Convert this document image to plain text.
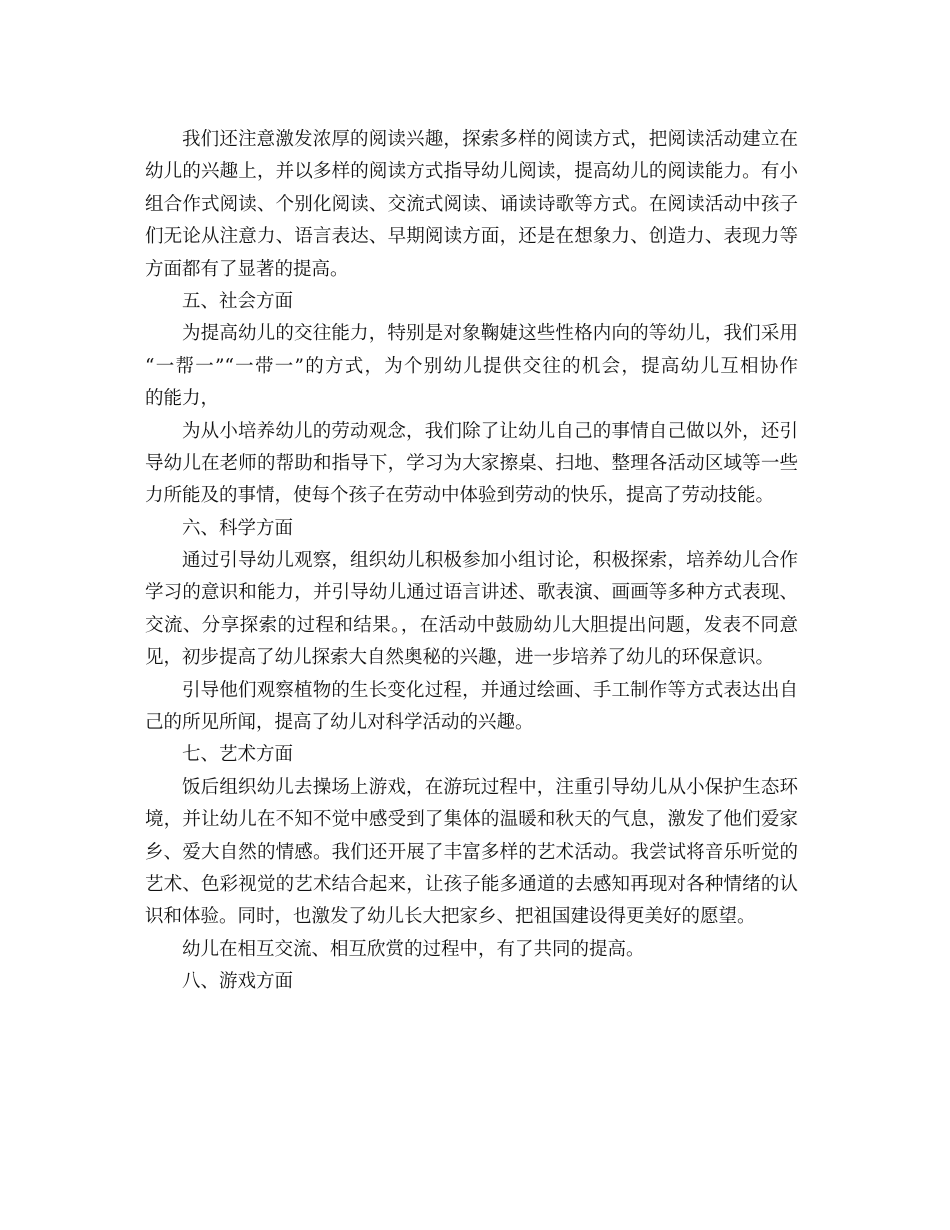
我们还注意激发浓厚的阅读兴趣，探索多样的阅读方式，把阅读活动建立在
幼儿的兴趣上，并以多样的阅读方式指导幼儿阅读，提高幼儿的阅读能力。有小
组合作式阅读、个别化阅读、交流式阅读、诵读诗歌等方式。在阅读活动中孩子
们无论从注意力、语言表达、早期阅读方面，还是在想象力、创造力、表现力等
方面都有了显著的提高。
五、社会方面
为提高幼儿的交往能力，特别是对象鞠婕这些性格内向的等幼儿，我们采用
“一帮一”“一带一”的方式，为个别幼儿提供交往的机会，提高幼儿互相协作
的能力，
为从小培养幼儿的劳动观念，我们除了让幼儿自己的事情自己做以外，还引
导幼儿在老师的帮助和指导下，学习为大家擦桌、扫地、整理各活动区域等一些
力所能及的事情，使每个孩子在劳动中体验到劳动的快乐，提高了劳动技能。
六、科学方面
通过引导幼儿观察，组织幼儿积极参加小组讨论，积极探索，培养幼儿合作
学习的意识和能力，并引导幼儿通过语言讲述、歌表演、画画等多种方式表现、
交流、分享探索的过程和结果。，在活动中鼓励幼儿大胆提出问题，发表不同意
见，初步提高了幼儿探索大自然奥秘的兴趣，进一步培养了幼儿的环保意识。
引导他们观察植物的生长变化过程，并通过绘画、手工制作等方式表达出自
己的所见所闻，提高了幼儿对科学活动的兴趣。
七、艺术方面
饭后组织幼儿去操场上游戏，在游玩过程中，注重引导幼儿从小保护生态环
境，并让幼儿在不知不觉中感受到了集体的温暖和秋天的气息，激发了他们爱家
乡、爱大自然的情感。我们还开展了丰富多样的艺术活动。我尝试将音乐听觉的
艺术、色彩视觉的艺术结合起来，让孩子能多通道的去感知再现对各种情绪的认
识和体验。同时，也激发了幼儿长大把家乡、把祖国建设得更美好的愿望。
幼儿在相互交流、相互欣赏的过程中，有了共同的提高。
八、游戏方面
